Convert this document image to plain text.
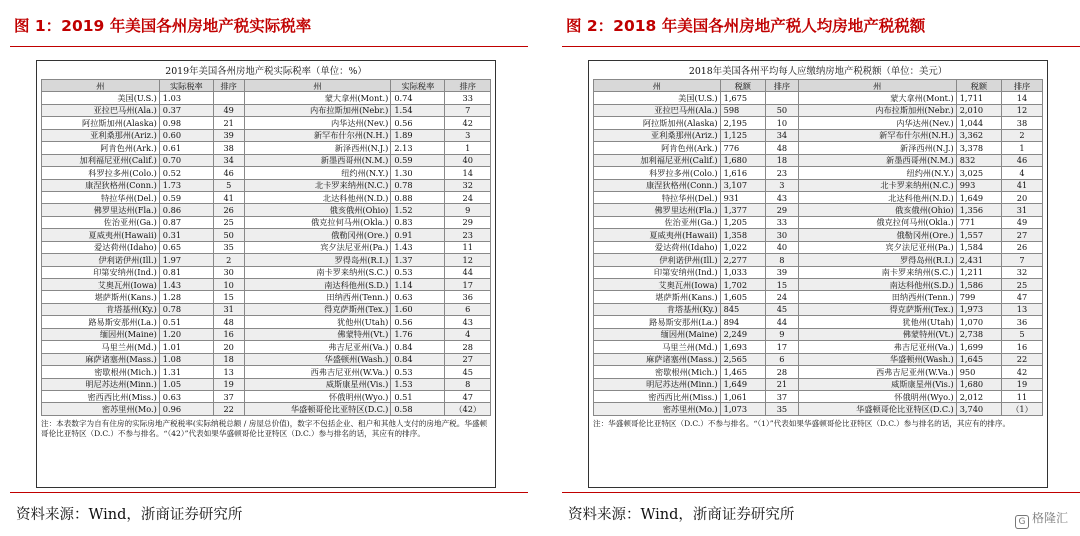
图 1：2019 年美国各州房地产税实际税率
2019年美国各州房地产税实际税率（单位：%）
州	实际税率	排序	州	实际税率	排序
美国(U.S.)	1.03		蒙大拿州(Mont.)	0.74	33
亚拉巴马州(Ala.)	0.37	49	内布拉斯加州(Nebr.)	1.54	7
阿拉斯加州(Alaska)	0.98	21	内华达州(Nev.)	0.56	42
亚利桑那州(Ariz.)	0.60	39	新罕布什尔州(N.H.)	1.89	3
阿肯色州(Ark.)	0.61	38	新泽西州(N.J.)	2.13	1
加利福尼亚州(Calif.)	0.70	34	新墨西哥州(N.M.)	0.59	40
科罗拉多州(Colo.)	0.52	46	纽约州(N.Y.)	1.30	14
康涅狄格州(Conn.)	1.73	5	北卡罗来纳州(N.C.)	0.78	32
特拉华州(Del.)	0.59	41	北达科他州(N.D.)	0.88	24
佛罗里达州(Fla.)	0.86	26	俄亥俄州(Ohio)	1.52	9
佐治亚州(Ga.)	0.87	25	俄克拉何马州(Okla.)	0.83	29
夏威夷州(Hawaii)	0.31	50	俄勒冈州(Ore.)	0.91	23
爱达荷州(Idaho)	0.65	35	宾夕法尼亚州(Pa.)	1.43	11
伊利诺伊州(Ill.)	1.97	2	罗得岛州(R.I.)	1.37	12
印第安纳州(Ind.)	0.81	30	南卡罗来纳州(S.C.)	0.53	44
艾奥瓦州(Iowa)	1.43	10	南达科他州(S.D.)	1.14	17
堪萨斯州(Kans.)	1.28	15	田纳西州(Tenn.)	0.63	36
肯塔基州(Ky.)	0.78	31	得克萨斯州(Tex.)	1.60	6
路易斯安那州(La.)	0.51	48	犹他州(Utah)	0.56	43
缅因州(Maine)	1.20	16	佛蒙特州(Vt.)	1.76	4
马里兰州(Md.)	1.01	20	弗吉尼亚州(Va.)	0.84	28
麻萨诸塞州(Mass.)	1.08	18	华盛顿州(Wash.)	0.84	27
密歇根州(Mich.)	1.31	13	西弗吉尼亚州(W.Va.)	0.53	45
明尼苏达州(Minn.)	1.05	19	威斯康星州(Vis.)	1.53	8
密西西比州(Miss.)	0.63	37	怀俄明州(Wyo.)	0.51	47
密苏里州(Mo.)	0.96	22	华盛顿哥伦比亚特区(D.C.)	0.58	（42）
注：本表数字为自有住房的实际房地产税税率(实际纳税总额 / 房屋总价值)，数字不包括企业、租户和其他人支付的房地产税。华盛顿哥伦比亚特区（D.C.）不参与排名。“（42）”代表如果华盛顿哥伦比亚特区（D.C.）参与排名的话，其应有的排序。
资料来源：Wind，浙商证券研究所
图 2：2018 年美国各州房地产税人均房地产税税额
2018年美国各州平均每人应缴纳房地产税税额（单位：美元）
州	税额	排序	州	税额	排序
美国(U.S.)	1,675		蒙大拿州(Mont.)	1,711	14
亚拉巴马州(Ala.)	598	50	内布拉斯加州(Nebr.)	2,010	12
阿拉斯加州(Alaska)	2,195	10	内华达州(Nev.)	1,044	38
亚利桑那州(Ariz.)	1,125	34	新罕布什尔州(N.H.)	3,362	2
阿肯色州(Ark.)	776	48	新泽西州(N.J.)	3,378	1
加利福尼亚州(Calif.)	1,680	18	新墨西哥州(N.M.)	832	46
科罗拉多州(Colo.)	1,616	23	纽约州(N.Y.)	3,025	4
康涅狄格州(Conn.)	3,107	3	北卡罗来纳州(N.C.)	993	41
特拉华州(Del.)	931	43	北达科他州(N.D.)	1,649	20
佛罗里达州(Fla.)	1,377	29	俄亥俄州(Ohio)	1,356	31
佐治亚州(Ga.)	1,205	33	俄克拉何马州(Okla.)	771	49
夏威夷州(Hawaii)	1,358	30	俄勒冈州(Ore.)	1,557	27
爱达荷州(Idaho)	1,022	40	宾夕法尼亚州(Pa.)	1,584	26
伊利诺伊州(Ill.)	2,277	8	罗得岛州(R.I.)	2,431	7
印第安纳州(Ind.)	1,033	39	南卡罗来纳州(S.C.)	1,211	32
艾奥瓦州(Iowa)	1,702	15	南达科他州(S.D.)	1,586	25
堪萨斯州(Kans.)	1,605	24	田纳西州(Tenn.)	799	47
肯塔基州(Ky.)	845	45	得克萨斯州(Tex.)	1,973	13
路易斯安那州(La.)	894	44	犹他州(Utah)	1,070	36
缅因州(Maine)	2,249	9	佛蒙特州(Vt.)	2,738	5
马里兰州(Md.)	1,693	17	弗吉尼亚州(Va.)	1,699	16
麻萨诸塞州(Mass.)	2,565	6	华盛顿州(Wash.)	1,645	22
密歇根州(Mich.)	1,465	28	西弗吉尼亚州(W.Va.)	950	42
明尼苏达州(Minn.)	1,649	21	威斯康星州(Vis.)	1,680	19
密西西比州(Miss.)	1,061	37	怀俄明州(Wyo.)	2,012	11
密苏里州(Mo.)	1,073	35	华盛顿哥伦比亚特区(D.C.)	3,740	（1）
注：华盛顿哥伦比亚特区（D.C.）不参与排名。“（1）”代表如果华盛顿哥伦比亚特区（D.C.）参与排名的话，其应有的排序。
资料来源：Wind，浙商证券研究所	G 格隆汇
